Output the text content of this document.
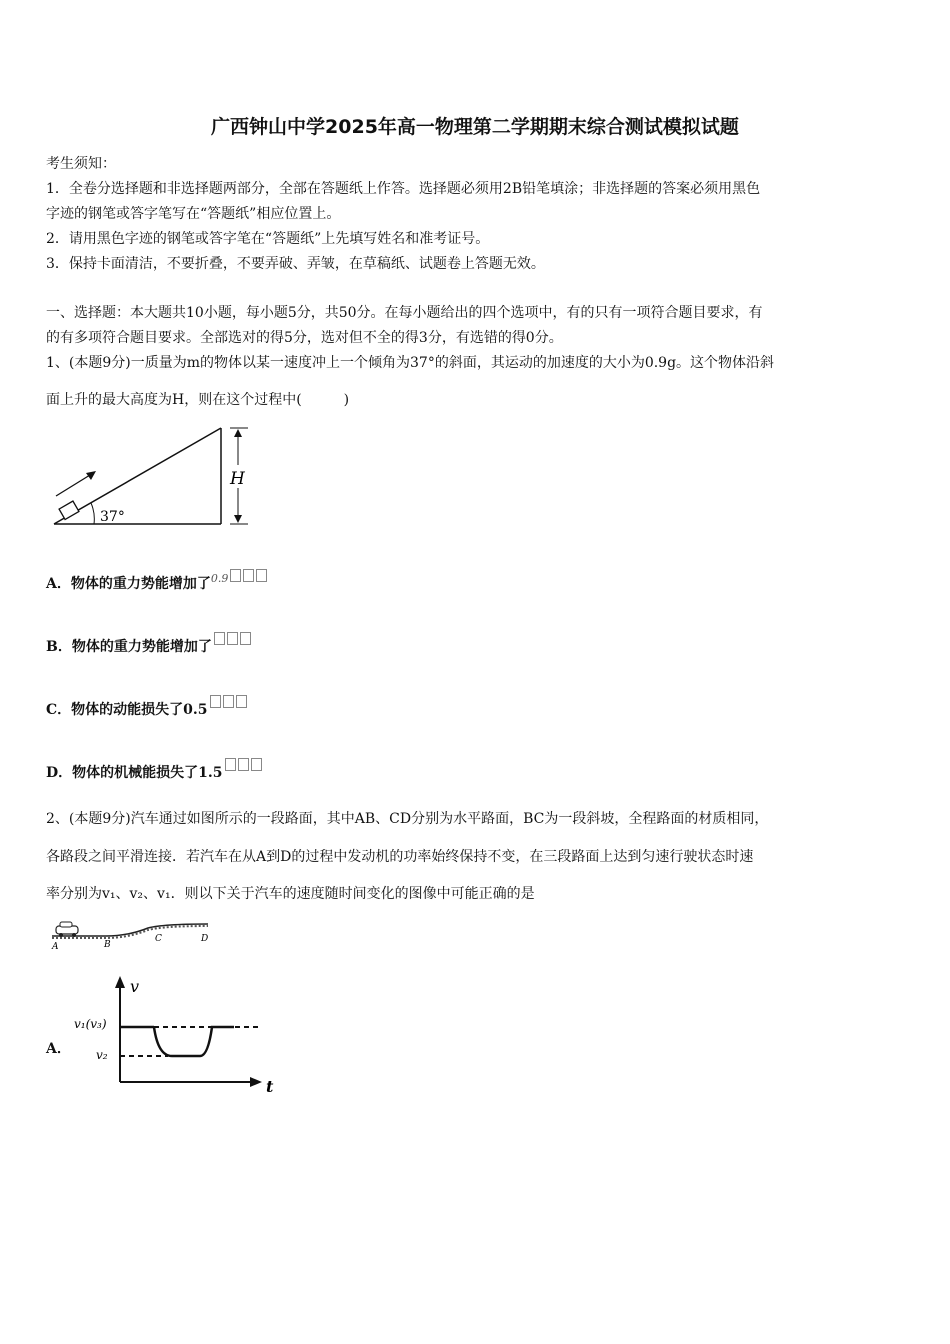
广西钟山中学2025年高一物理第二学期期末综合测试模拟试题
考生须知：
1．全卷分选择题和非选择题两部分，全部在答题纸上作答。选择题必须用2B铅笔填涂；非选择题的答案必须用黑色
字迹的钢笔或答字笔写在“答题纸”相应位置上。
2．请用黑色字迹的钢笔或答字笔在“答题纸”上先填写姓名和准考证号。
3．保持卡面清洁，不要折叠，不要弄破、弄皱，在草稿纸、试题卷上答题无效。
一、选择题：本大题共10小题，每小题5分，共50分。在每小题给出的四个选项中，有的只有一项符合题目要求，有
的有多项符合题目要求。全部选对的得5分，选对但不全的得3分，有选错的得0分。
1、(本题9分)一质量为m的物体以某一速度冲上一个倾角为37°的斜面，其运动的加速度的大小为0.9g。这个物体沿斜
面上升的最大高度为H，则在这个过程中(　　　)
37°
H
A．物体的重力势能增加了$^{0.9}$
B．物体的重力势能增加了
C．物体的动能损失了0.5
D．物体的机械能损失了1.5
2、(本题9分)汽车通过如图所示的一段路面，其中AB、CD分别为水平路面，BC为一段斜坡，全程路面的材质相同，
各路段之间平滑连接．若汽车在从A到D的过程中发动机的功率始终保持不变，在三段路面上达到匀速行驶状态时速
率分别为v₁、v₂、v₁．则以下关于汽车的速度随时间变化的图像中可能正确的是
A	B
C	D
A．
v
t
v₁(v₃)
v₂
